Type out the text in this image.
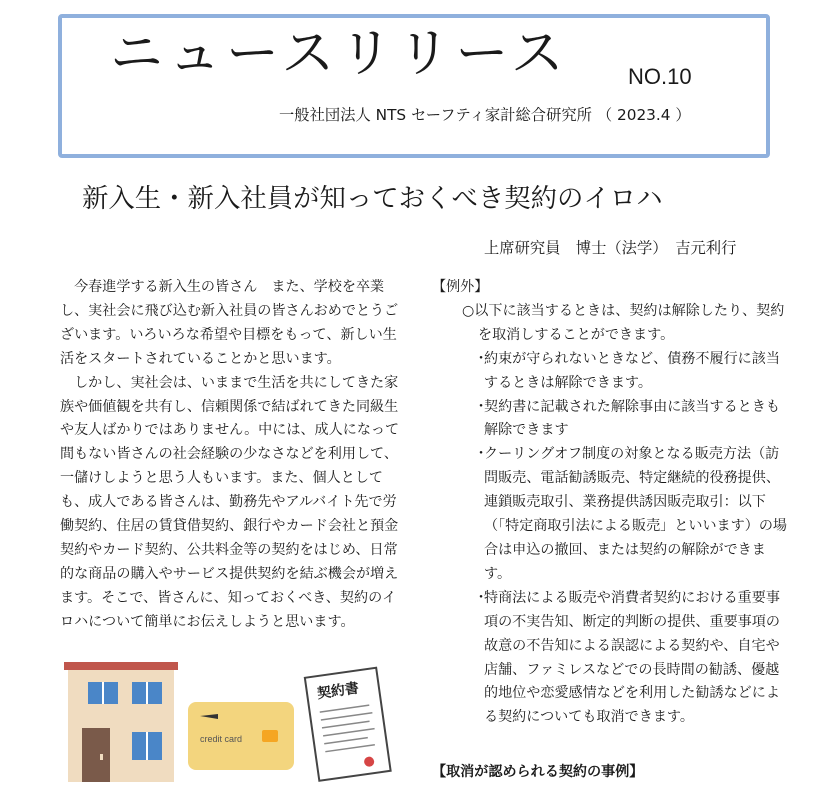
ニュースリリース	NO.10
一般社団法人 NTS セーフティ家計総合研究所 （ 2023.4 ）
新入生・新入社員が知っておくべき契約のイロハ
上席研究員　博士（法学）　吉元利行

今春進学する新入生の皆さん　また、学校を卒業し、実社会に飛び込む新入社員の皆さんおめでとうございます。いろいろな希望や目標をもって、新しい生活をスタートされていることかと思います。

しかし、実社会は、いままで生活を共にしてきた家族や価値観を共有し、信頼関係で結ばれてきた同級生や友人ばかりではありません。中には、成人になって間もない皆さんの社会経験の少なさなどを利用して、一儲けしようと思う人もいます。また、個人としても、成人である皆さんは、勤務先やアルバイト先で労働契約、住居の賃貸借契約、銀行やカード会社と預金契約やカード契約、公共料金等の契約をはじめ、日常的な商品の購入やサービス提供契約を結ぶ機会が増えます。そこで、皆さんに、知っておくべき、契約のイロハについて簡単にお伝えしようと思います。

【例外】

○以下に該当するときは、契約は解除したり、契約を取消しすることができます。

・約束が守られないときなど、債務不履行に該当するときは解除できます。
・契約書に記載された解除事由に該当するときも解除できます
・クーリングオフ制度の対象となる販売方法（訪問販売、電話勧誘販売、特定継続的役務提供、連鎖販売取引、業務提供誘因販売取引：以下（「特定商取引法による販売」といいます）の場合は申込の撤回、または契約の解除ができます。
・特商法による販売や消費者契約における重要事項の不実告知、断定的判断の提供、重要事項の故意の不告知による誤認による契約や、自宅や店舗、ファミレスなどでの長時間の勧誘、優越的地位や恋愛感情などを利用した勧誘などによる契約についても取消できます。
【取消が認められる契約の事例】
credit card
契約書
